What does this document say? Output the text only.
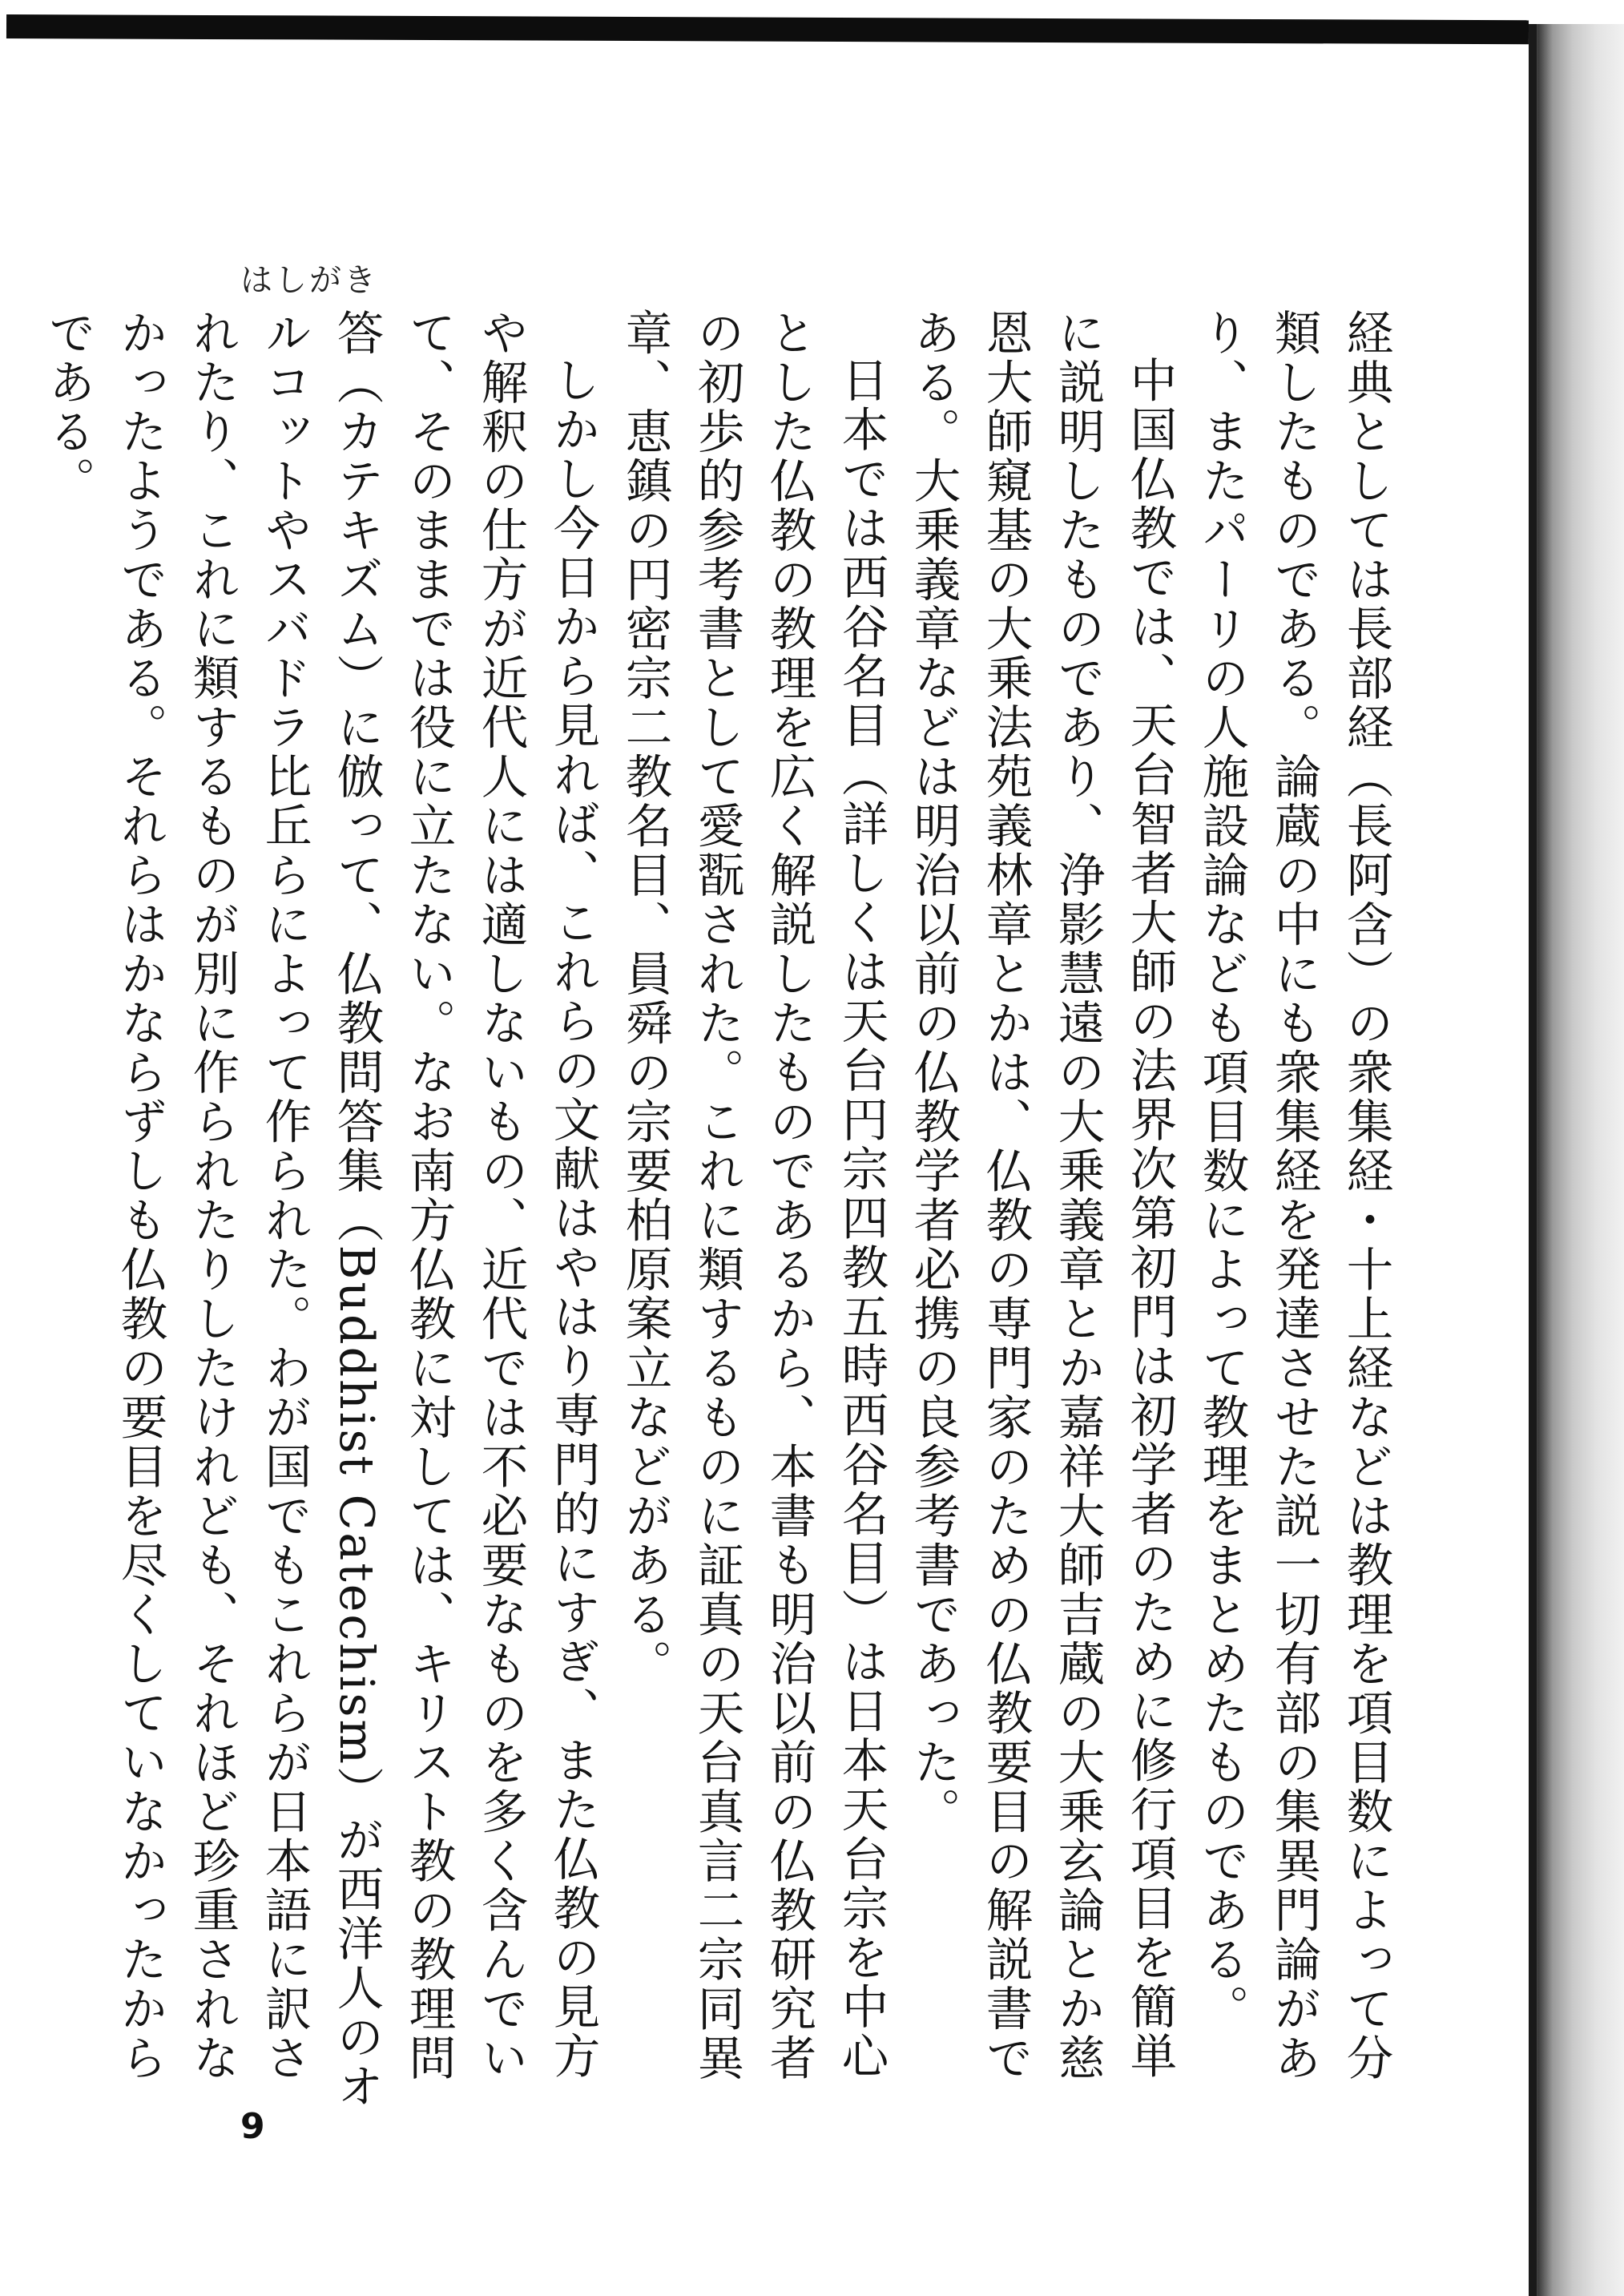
はしがき

経典としては長部経（長阿含）の衆集経・十上経などは教理を項目数によって分類したものである。論蔵の中にも衆集経を発達させた説一切有部の集異門論があり、またパーリの人施設論なども項目数によって教理をまとめたものである。

中国仏教では、天台智者大師の法界次第初門は初学者のために修行項目を簡単に説明したものであり、浄影慧遠の大乗義章とか嘉祥大師吉蔵の大乗玄論とか慈恩大師窺基の大乗法苑義林章とかは、仏教の専門家のための仏教要目の解説書である。大乗義章などは明治以前の仏教学者必携の良参考書であった。

日本では西谷名目（詳しくは天台円宗四教五時西谷名目）は日本天台宗を中心とした仏教の教理を広く解説したものであるから、本書も明治以前の仏教研究者の初歩的参考書として愛翫された。これに類するものに証真の天台真言二宗同異章、恵鎮の円密宗二教名目、員舜の宗要柏原案立などがある。

しかし今日から見れば、これらの文献はやはり専門的にすぎ、また仏教の見方や解釈の仕方が近代人には適しないもの、近代では不必要なものを多く含んでいて、そのままでは役に立たない。なお南方仏教に対しては、キリスト教の教理問答（カテキズム）に倣って、仏教問答集（Buddhist Catechism）が西洋人のオルコットやスバドラ比丘らによって作られた。わが国でもこれらが日本語に訳されたり、これに類するものが別に作られたりしたけれども、それほど珍重されなかったようである。それらはかならずしも仏教の要目を尽くしていなかったからである。

9
